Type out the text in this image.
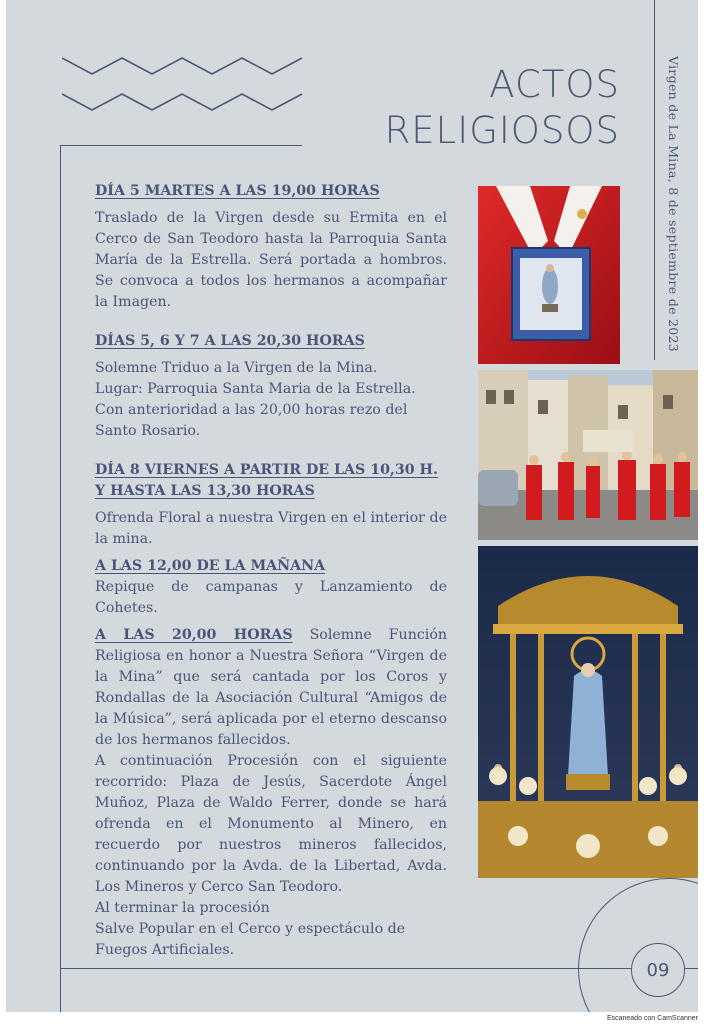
ACTOS
RELIGIOSOS	Virgen de La Mina, 8 de septiembre de 2023

DÍA 5 MARTES A LAS 19,00 HORAS

Traslado de la Virgen desde su Ermita en el Cerco de San Teodoro hasta la Parroquia Santa María de la Estrella. Será portada a hombros. Se convoca a todos los hermanos a acompañar la Imagen.

DÍAS 5, 6 Y 7 A LAS 20,30 HORAS

Solemne Triduo a la Virgen de la Mina.
Lugar: Parroquia Santa Maria de la Estrella.
Con anterioridad a las 20,00 horas rezo del Santo Rosario.

DÍA 8 VIERNES A PARTIR DE LAS 10,30 H.

Y HASTA LAS 13,30 HORAS

Ofrenda Floral a nuestra Virgen en el interior de la mina.

A LAS 12,00 DE LA MAÑANA

Repique de campanas y Lanzamiento de Cohetes.

A LAS 20,00 HORAS Solemne Función Religiosa en honor a Nuestra Señora “Virgen de la Mina” que será cantada por los Coros y Rondallas de la Asociación Cultural “Amigos de la Música”, será aplicada por el eterno descanso de los hermanos fallecidos.

A continuación Procesión con el siguiente recorrido: Plaza de Jesús, Sacerdote Ángel Muñoz, Plaza de Waldo Ferrer, donde se hará ofrenda en el Monumento al Minero, en recuerdo por nuestros mineros fallecidos, continuando por la Avda. de la Libertad, Avda. Los Mineros y Cerco San Teodoro.

Al terminar la procesión

Salve Popular en el Cerco y espectáculo de Fuegos Artificiales.

09
Escaneado con CamScanner
